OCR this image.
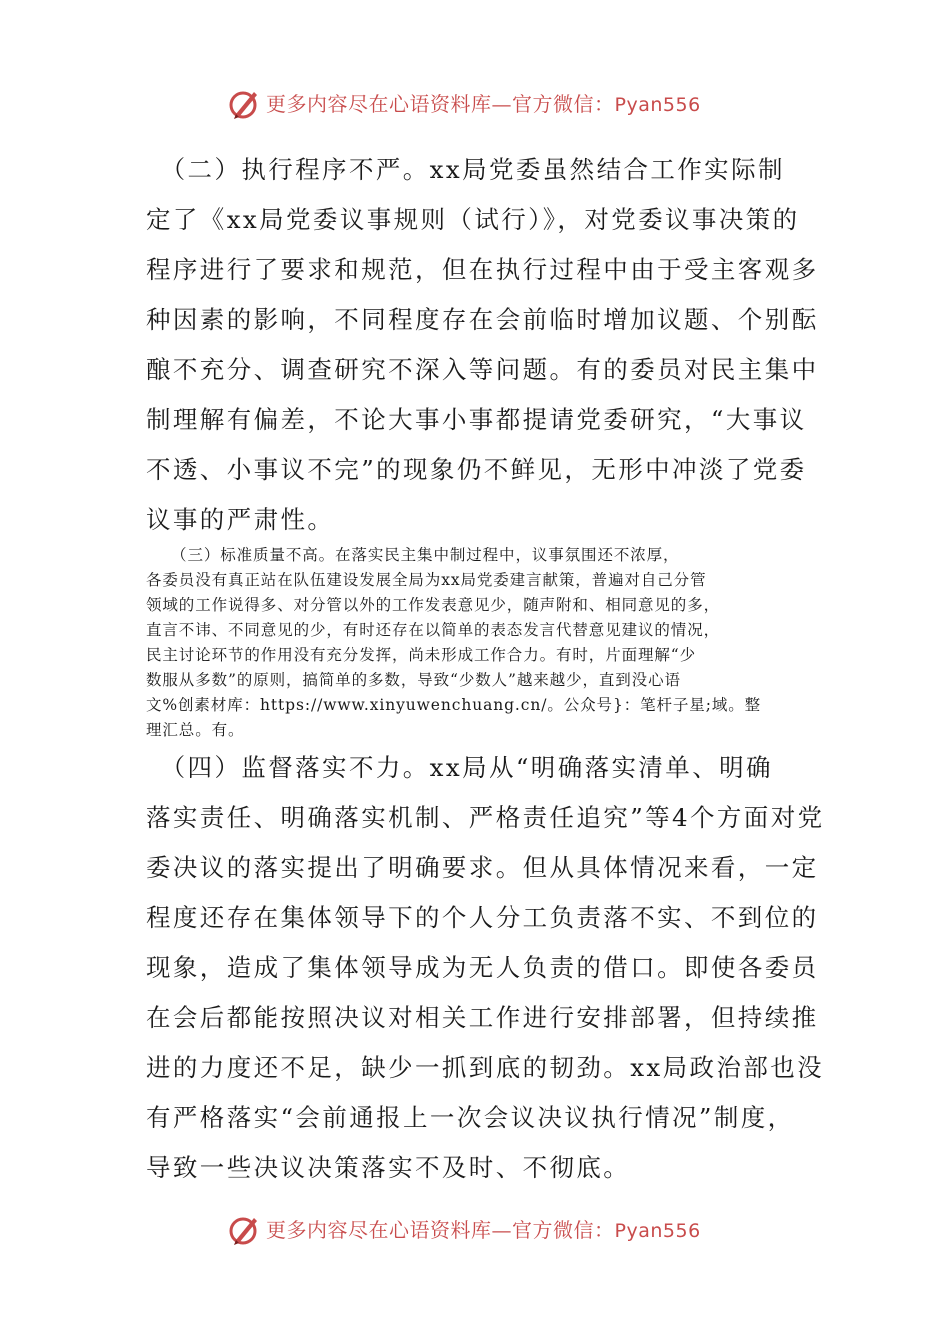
更多内容尽在心语资料库—官方微信：Pyan556
　（二）执行程序不严。xx局党委虽然结合工作实际制
定了《xx局党委议事规则（试行）》，对党委议事决策的
程序进行了要求和规范，但在执行过程中由于受主客观多
种因素的影响，不同程度存在会前临时增加议题、个别酝
酿不充分、调查研究不深入等问题。有的委员对民主集中
制理解有偏差，不论大事小事都提请党委研究，“大事议
不透、小事议不完”的现象仍不鲜见，无形中冲淡了党委
议事的严肃性。
　　（三）标准质量不高。在落实民主集中制过程中，议事氛围还不浓厚，
各委员没有真正站在队伍建设发展全局为xx局党委建言献策，普遍对自己分管
领域的工作说得多、对分管以外的工作发表意见少，随声附和、相同意见的多，
直言不讳、不同意见的少，有时还存在以简单的表态发言代替意见建议的情况，
民主讨论环节的作用没有充分发挥，尚未形成工作合力。有时，片面理解“少
数服从多数”的原则，搞简单的多数，导致“少数人”越来越少，直到没心语
文%创素材库：https://www.xinyuwenchuang.cn/。公众号}：笔杆子星;域。整
理汇总。有。
　（四）监督落实不力。xx局从“明确落实清单、明确
落实责任、明确落实机制、严格责任追究”等4个方面对党
委决议的落实提出了明确要求。但从具体情况来看，一定
程度还存在集体领导下的个人分工负责落不实、不到位的
现象，造成了集体领导成为无人负责的借口。即使各委员
在会后都能按照决议对相关工作进行安排部署，但持续推
进的力度还不足，缺少一抓到底的韧劲。xx局政治部也没
有严格落实“会前通报上一次会议决议执行情况”制度，
导致一些决议决策落实不及时、不彻底。
更多内容尽在心语资料库—官方微信：Pyan556
